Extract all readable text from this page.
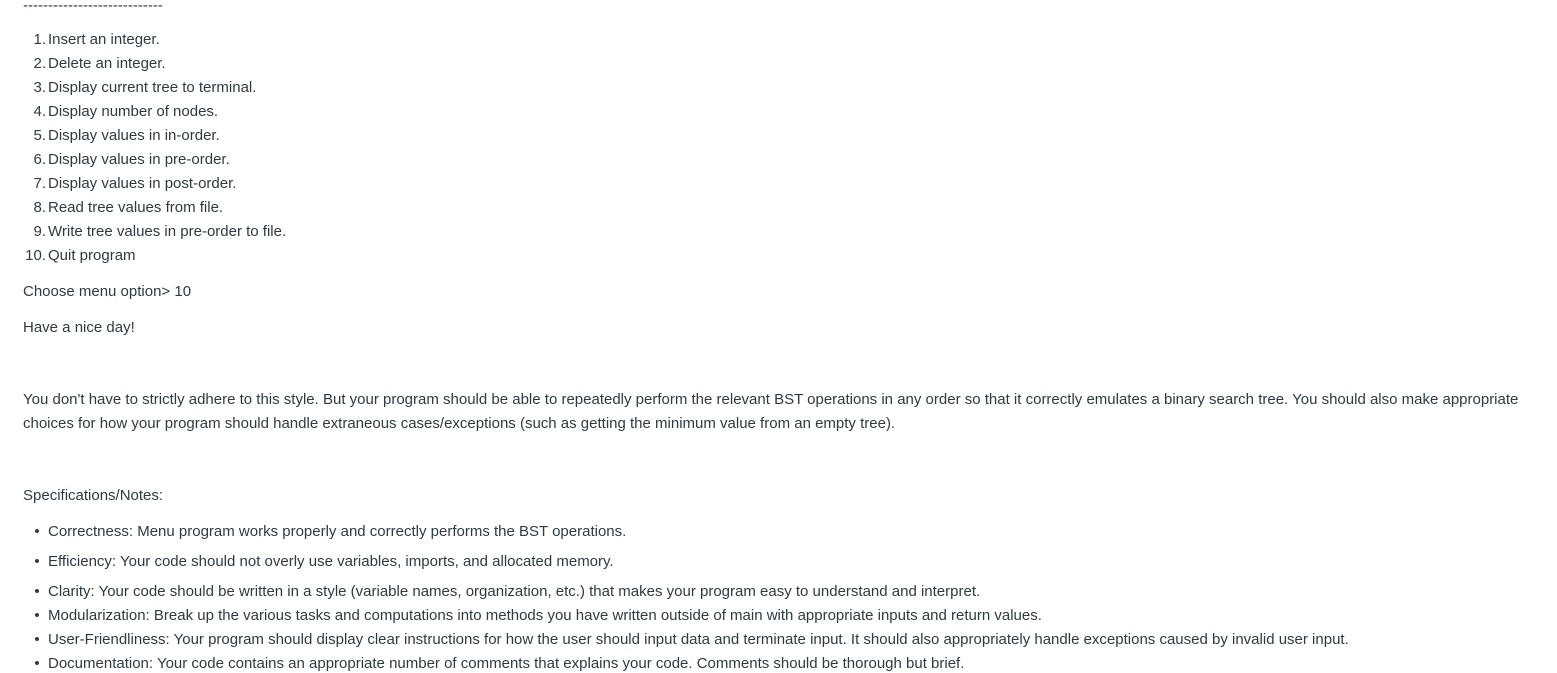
----------------------------
1. Insert an integer.
2. Delete an integer.
3. Display current tree to terminal.
4. Display number of nodes.
5. Display values in in-order.
6. Display values in pre-order.
7. Display values in post-order.
8. Read tree values from file.
9. Write tree values in pre-order to file.
10. Quit program
Choose menu option> 10
Have a nice day!
You don't have to strictly adhere to this style. But your program should be able to repeatedly perform the relevant BST operations in any order so that it correctly emulates a binary search tree. You should also make appropriate choices for how your program should handle extraneous cases/exceptions (such as getting the minimum value from an empty tree).
Specifications/Notes:
• Correctness: Menu program works properly and correctly performs the BST operations.
• Efficiency: Your code should not overly use variables, imports, and allocated memory.
• Clarity: Your code should be written in a style (variable names, organization, etc.) that makes your program easy to understand and interpret.
• Modularization: Break up the various tasks and computations into methods you have written outside of main with appropriate inputs and return values.
• User-Friendliness: Your program should display clear instructions for how the user should input data and terminate input. It should also appropriately handle exceptions caused by invalid user input.
• Documentation: Your code contains an appropriate number of comments that explains your code. Comments should be thorough but brief.
